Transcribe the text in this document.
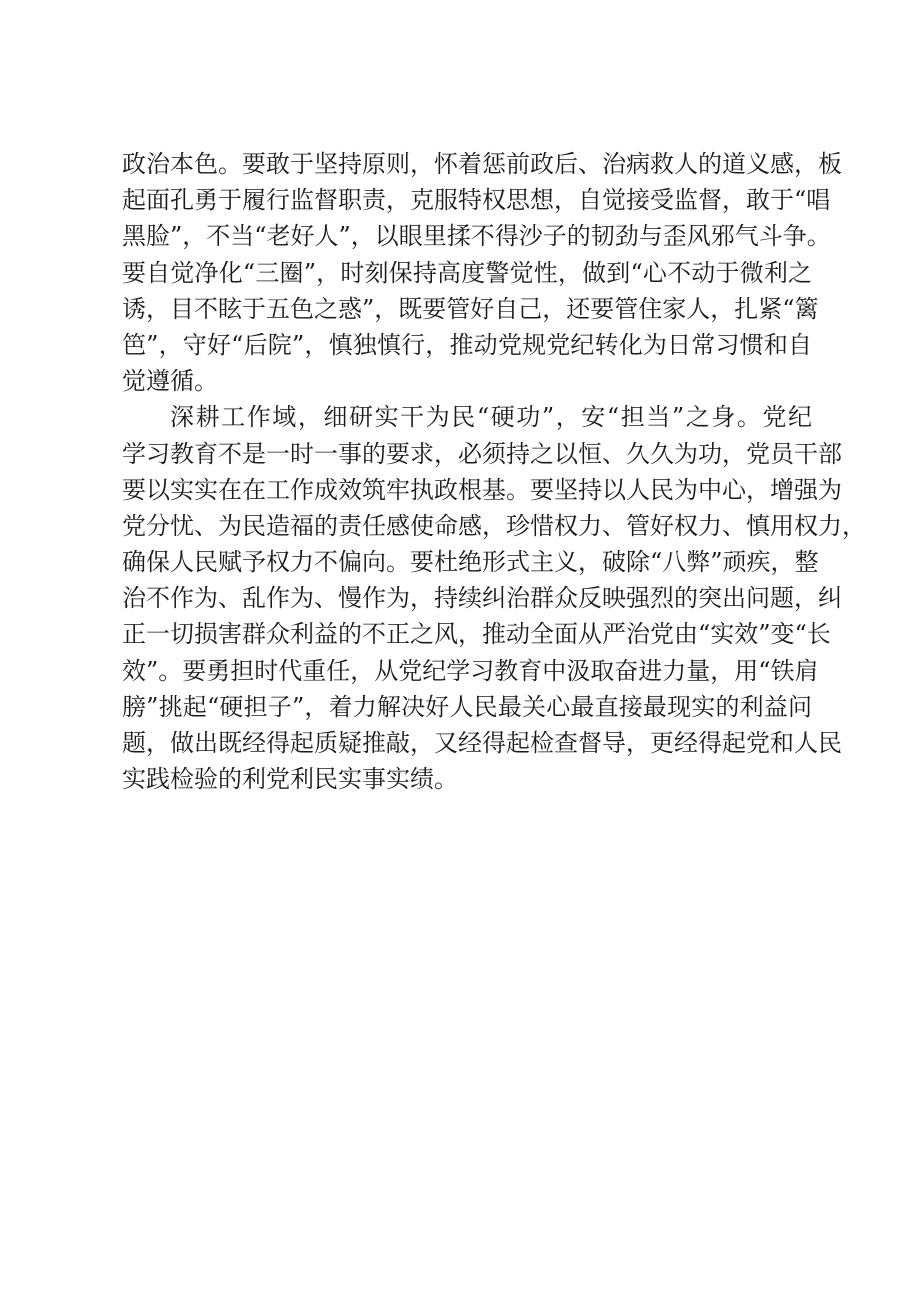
政治本色。要敢于坚持原则，怀着惩前政后、治病救人的道义感，板
起面孔勇于履行监督职责，克服特权思想，自觉接受监督，敢于“唱
黑脸”，不当“老好人”，以眼里揉不得沙子的韧劲与歪风邪气斗争。
要自觉净化“三圈”，时刻保持高度警觉性，做到“心不动于微利之
诱，目不眩于五色之惑”，既要管好自己，还要管住家人，扎紧“篱
笆”，守好“后院”，慎独慎行，推动党规党纪转化为日常习惯和自
觉遵循。
深耕工作域，细研实干为民“硬功”，安“担当”之身。党纪
学习教育不是一时一事的要求，必须持之以恒、久久为功，党员干部
要以实实在在工作成效筑牢执政根基。要坚持以人民为中心，增强为
党分忧、为民造福的责任感使命感，珍惜权力、管好权力、慎用权力，
确保人民赋予权力不偏向。要杜绝形式主义，破除“八弊”顽疾，整
治不作为、乱作为、慢作为，持续纠治群众反映强烈的突出问题，纠
正一切损害群众利益的不正之风，推动全面从严治党由“实效”变“长
效”。要勇担时代重任，从党纪学习教育中汲取奋进力量，用“铁肩
膀”挑起“硬担子”，着力解决好人民最关心最直接最现实的利益问
题，做出既经得起质疑推敲，又经得起检查督导，更经得起党和人民
实践检验的利党利民实事实绩。
